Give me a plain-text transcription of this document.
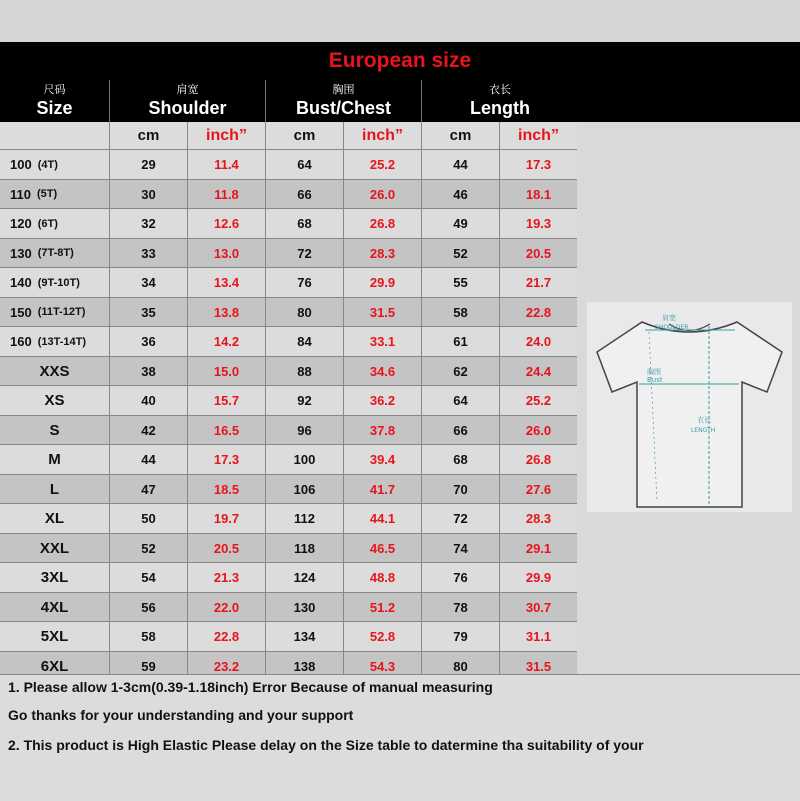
European size
尺码
Size
肩宽
Shoulder
胸围
Bust/Chest
衣长
Length
cm	inch”	cm	inch”	cm	inch”
100 (4T)	29	11.4	64	25.2	44	17.3
110 (5T)	30	11.8	66	26.0	46	18.1
120 (6T)	32	12.6	68	26.8	49	19.3
130 (7T-8T)	33	13.0	72	28.3	52	20.5
140 (9T-10T)	34	13.4	76	29.9	55	21.7
150 (11T-12T)	35	13.8	80	31.5	58	22.8
160 (13T-14T)	36	14.2	84	33.1	61	24.0
XXS	38	15.0	88	34.6	62	24.4
XS	40	15.7	92	36.2	64	25.2
S	42	16.5	96	37.8	66	26.0
M	44	17.3	100	39.4	68	26.8
L	47	18.5	106	41.7	70	27.6
XL	50	19.7	112	44.1	72	28.3
XXL	52	20.5	118	46.5	74	29.1
3XL	54	21.3	124	48.8	76	29.9
4XL	56	22.0	130	51.2	78	30.7
5XL	58	22.8	134	52.8	79	31.1
6XL	59	23.2	138	54.3	80	31.5
肩宽
SHOULDER
胸围
Bust
衣长
LENGTH
1. Please allow 1-3cm(0.39-1.18inch) Error Because of manual measuring
Go thanks for your understanding and your support
2. This product is High Elastic Please delay on the Size table to datermine tha suitability of your
